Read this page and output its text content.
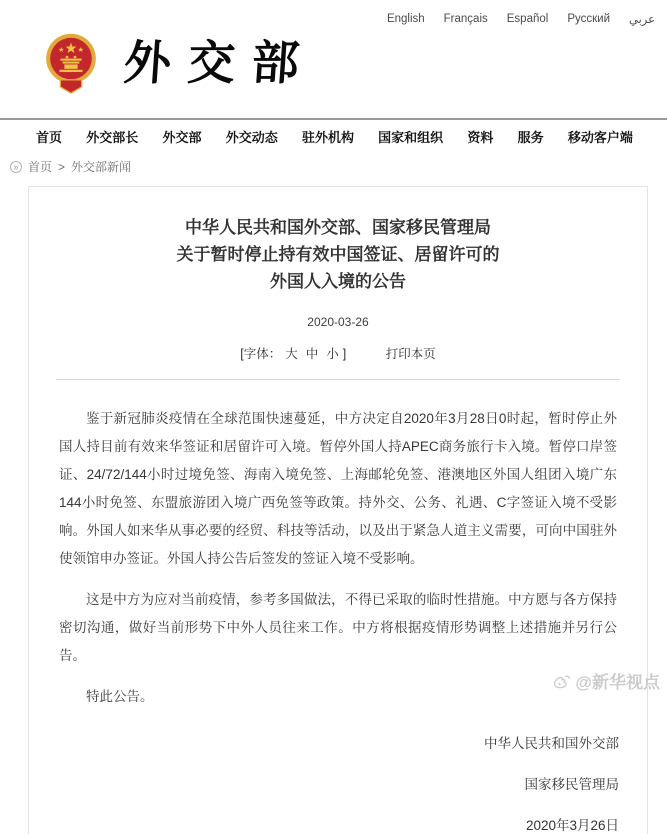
English Français Español Русский عربي
外交部
首页 外交部长 外交部 外交动态 驻外机构 国家和组织 资料 服务 移动客户端
» 首页 > 外交部新闻
中华人民共和国外交部、国家移民管理局
关于暂时停止持有效中国签证、居留许可的
外国人入境的公告
2020-03-26
[字体： 大 中 小 ]	打印本页

鉴于新冠肺炎疫情在全球范围快速蔓延，中方决定自2020年3月28日0时起，暂时停止外国人持目前有效来华签证和居留许可入境。暂停外国人持APEC商务旅行卡入境。暂停口岸签证、24/72/144小时过境免签、海南入境免签、上海邮轮免签、港澳地区外国人组团入境广东144小时免签、东盟旅游团入境广西免签等政策。持外交、公务、礼遇、C字签证入境不受影响。外国人如来华从事必要的经贸、科技等活动，以及出于紧急人道主义需要，可向中国驻外使领馆申办签证。外国人持公告后签发的签证入境不受影响。

这是中方为应对当前疫情，参考多国做法，不得已采取的临时性措施。中方愿与各方保持密切沟通，做好当前形势下中外人员往来工作。中方将根据疫情形势调整上述措施并另行公告。

特此公告。

中华人民共和国外交部
国家移民管理局
2020年3月26日
@新华视点
